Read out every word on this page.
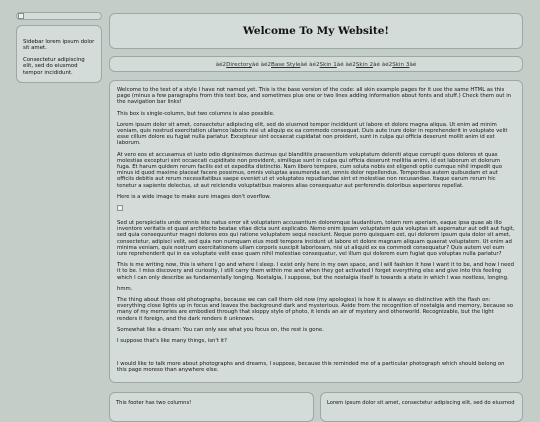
Sidebar lorem ipsum dolor sit amet.

Consectetur adipiscing elit, sed do eiusmod tempor incididunt.

Welcome To My Website!
àé2Directoryàé àé2Base Styleàé àé2Skin 1àé àé2Skin 2àé àé2Skin 3àé

Welcome to the text of a style I have not named yet. This is the base version of the code: all skin example pages for it use the same HTML as this page (minus a few paragraphs from this text box, and sometimes plus one or two lines adding information about fonts and stuff.) Check them out in the navigation bar links!

This box is single-column, but two columns is also possible.

Lorem ipsum dolor sit amet, consectetur adipiscing elit, sed do eiusmod tempor incididunt ut labore et dolore magna aliqua. Ut enim ad minim veniam, quis nostrud exercitation ullamco laboris nisi ut aliquip ex ea commodo consequat. Duis aute irure dolor in reprehenderit in voluptate velit esse cillum dolore eu fugiat nulla pariatur. Excepteur sint occaecat cupidatat non proident, sunt in culpa qui officia deserunt mollit anim id est laborum.

At vero eos et accusamus et iusto odio dignissimos ducimus qui blanditiis praesentium voluptatum deleniti atque corrupti quos dolores et quas molestias excepturi sint occaecati cupiditate non provident, similique sunt in culpa qui officia deserunt mollitia animi, id est laborum et dolorum fuga. Et harum quidem rerum facilis est et expedita distinctio. Nam libero tempore, cum soluta nobis est eligendi optio cumque nihil impedit quo minus id quod maxime placeat facere possimus, omnis voluptas assumenda est, omnis dolor repellendus. Temporibus autem quibusdam et aut officiis debitis aut rerum necessitatibus saepe eveniet ut et voluptates repudiandae sint et molestiae non recusandae. Itaque earum rerum hic tenetur a sapiente delectus, ut aut reiciendis voluptatibus maiores alias consequatur aut perferendis doloribus asperiores repellat.

Here is a wide image to make sure images don't overflow.

Sed ut perspiciatis unde omnis iste natus error sit voluptatem accusantium doloremque laudantium, totam rem aperiam, eaque ipsa quae ab illo inventore veritatis et quasi architecto beatae vitae dicta sunt explicabo. Nemo enim ipsam voluptatem quia voluptas sit aspernatur aut odit aut fugit, sed quia consequuntur magni dolores eos qui ratione voluptatem sequi nesciunt. Neque porro quisquam est, qui dolorem ipsum quia dolor sit amet, consectetur, adipisci velit, sed quia non numquam eius modi tempora incidunt ut labore et dolore magnam aliquam quaerat voluptatem. Ut enim ad minima veniam, quis nostrum exercitationem ullam corporis suscipit laboriosam, nisi ut aliquid ex ea commodi consequatur? Quis autem vel eum iure reprehenderit qui in ea voluptate velit esse quam nihil molestiae consequatur, vel illum qui dolorem eum fugiat quo voluptas nulla pariatur?

This is me writing now, this is where I go and where I sleep. I exist only here in my own space, and I will fashion it how I want it to be, and how I need it to be. I miss discovery and curiosity, I still carry them within me and when they get activated I forget everything else and give into this feeling which I can only describe as fundamentally longing. Nostalgia, I suppose, but the nostalgia itself is towards a state in which I was nostless, longing.

hmm.

The thing about those old photographs, because we can call them old now (my apologies) is how it is always so distinctive with the flash on: everything close lights up in focus and leaves the background dark and mysterious. Aside from the recognition of nostalgia and memory, because so many of my memories are embodied through that sloppy style of photo, it lends an air of mystery and otherworld. Recognizable, but the light renders it foreign, and the dark renders it unknown.

Somewhat like a dream: You can only see what you focus on, the rest is gone.

I suppose that's like many things, isn't it?

I would like to talk more about photographs and dreams, I suppose, because this reminded me of a particular photograph which should belong on this page moreso than anywhere else.

This footer has two columns!	Lorem ipsum dolor sit amet, consectetur adipiscing elit, sed do eiusmod
